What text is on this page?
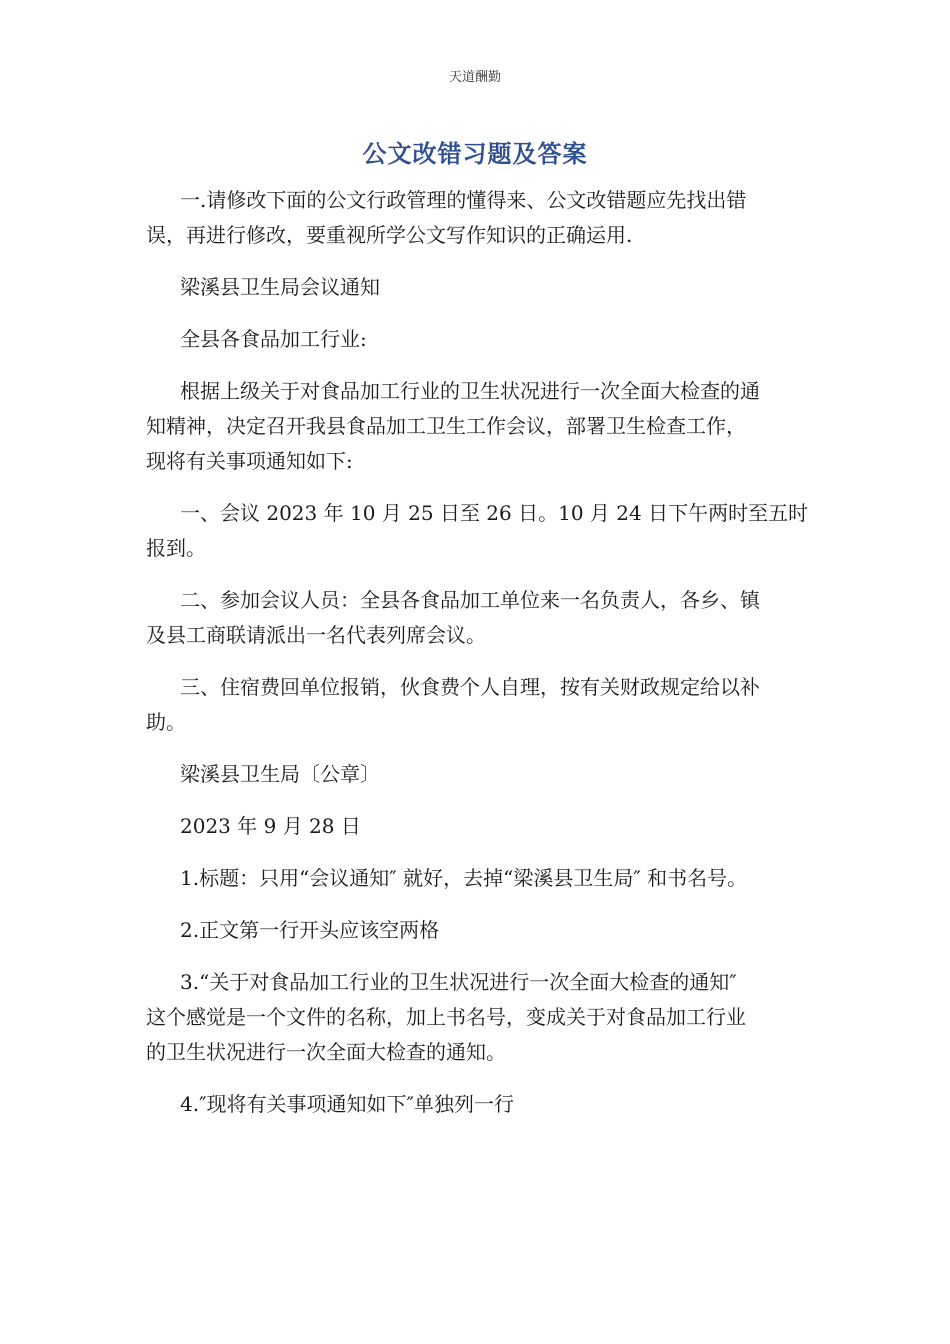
天道酬勤
公文改错习题及答案
一.请修改下面的公文行政管理的懂得来、公文改错题应先找出错
误，再进行修改，要重视所学公文写作知识的正确运用.
梁溪县卫生局会议通知
全县各食品加工行业:
根据上级关于对食品加工行业的卫生状况进行一次全面大检查的通
知精神，决定召开我县食品加工卫生工作会议，部署卫生检查工作，
现将有关事项通知如下:
一、会议 2023 年 10 月 25 日至 26 日。10 月 24 日下午两时至五时
报到。
二、参加会议人员：全县各食品加工单位来一名负责人，各乡、镇
及县工商联请派出一名代表列席会议。
三、住宿费回单位报销，伙食费个人自理，按有关财政规定给以补
助。
梁溪县卫生局〔公章〕
2023 年 9 月 28 日
1.标题：只用“会议通知″ 就好，去掉“梁溪县卫生局″ 和书名号。
2.正文第一行开头应该空两格
3.“关于对食品加工行业的卫生状况进行一次全面大检查的通知″
这个感觉是一个文件的名称，加上书名号，变成关于对食品加工行业
的卫生状况进行一次全面大检查的通知。
4.″现将有关事项通知如下″单独列一行
